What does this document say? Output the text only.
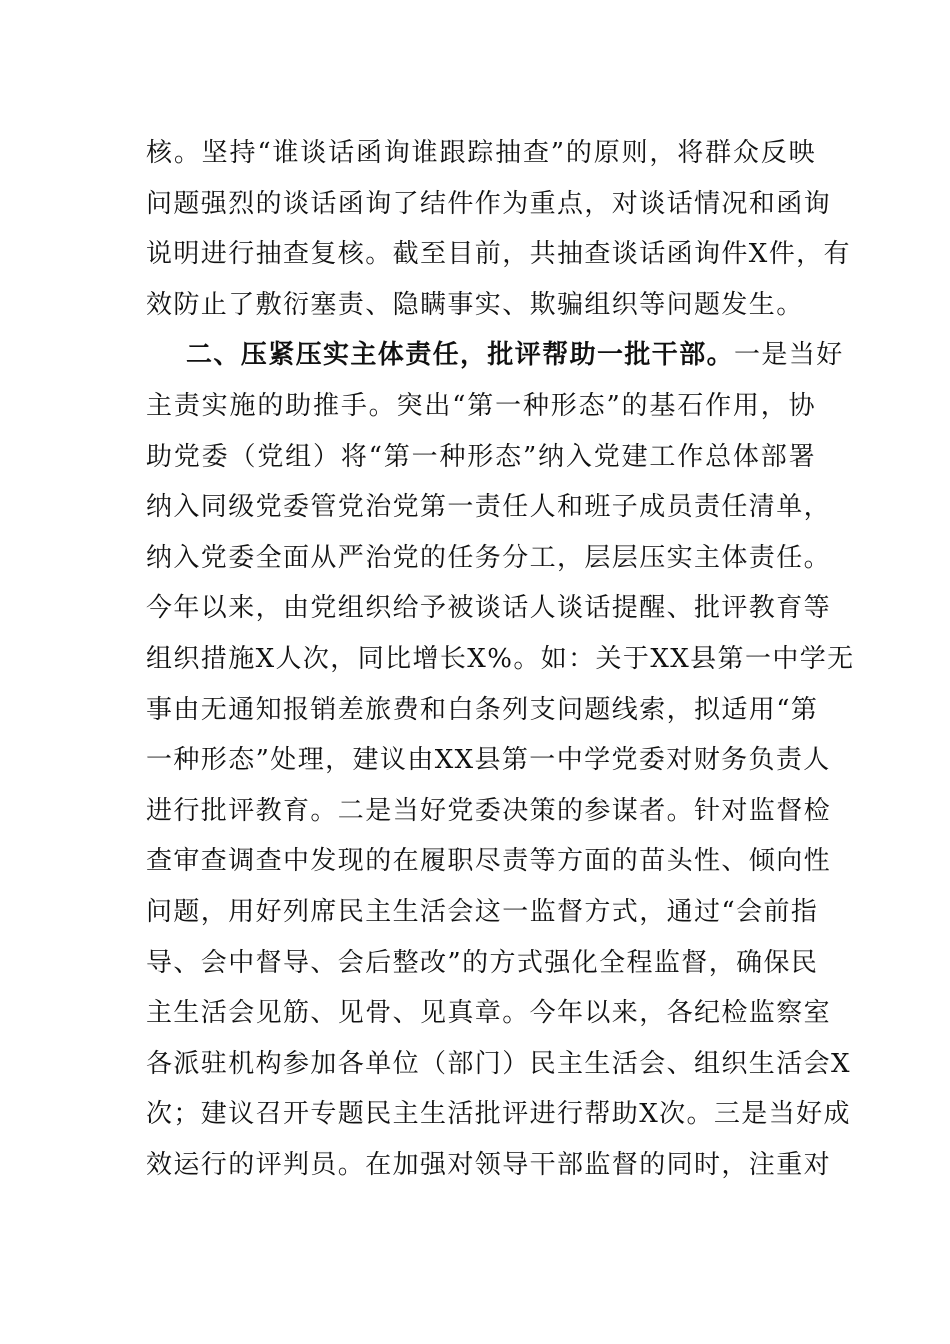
核。坚持“谁谈话函询谁跟踪抽查”的原则，将群众反映
问题强烈的谈话函询了结件作为重点，对谈话情况和函询
说明进行抽查复核。截至目前，共抽查谈话函询件X件，有
效防止了敷衍塞责、隐瞒事实、欺骗组织等问题发生。
二、压紧压实主体责任，批评帮助一批干部。一是当好
主责实施的助推手。突出“第一种形态”的基石作用，协
助党委（党组）将“第一种形态”纳入党建工作总体部署
纳入同级党委管党治党第一责任人和班子成员责任清单，
纳入党委全面从严治党的任务分工，层层压实主体责任。
今年以来，由党组织给予被谈话人谈话提醒、批评教育等
组织措施X人次，同比增长X%。如：关于XX县第一中学无
事由无通知报销差旅费和白条列支问题线索，拟适用“第
一种形态”处理，建议由XX县第一中学党委对财务负责人
进行批评教育。二是当好党委决策的参谋者。针对监督检
查审查调查中发现的在履职尽责等方面的苗头性、倾向性
问题，用好列席民主生活会这一监督方式，通过“会前指
导、会中督导、会后整改”的方式强化全程监督，确保民
主生活会见筋、见骨、见真章。今年以来，各纪检监察室
各派驻机构参加各单位（部门）民主生活会、组织生活会X
次；建议召开专题民主生活批评进行帮助X次。三是当好成
效运行的评判员。在加强对领导干部监督的同时，注重对
